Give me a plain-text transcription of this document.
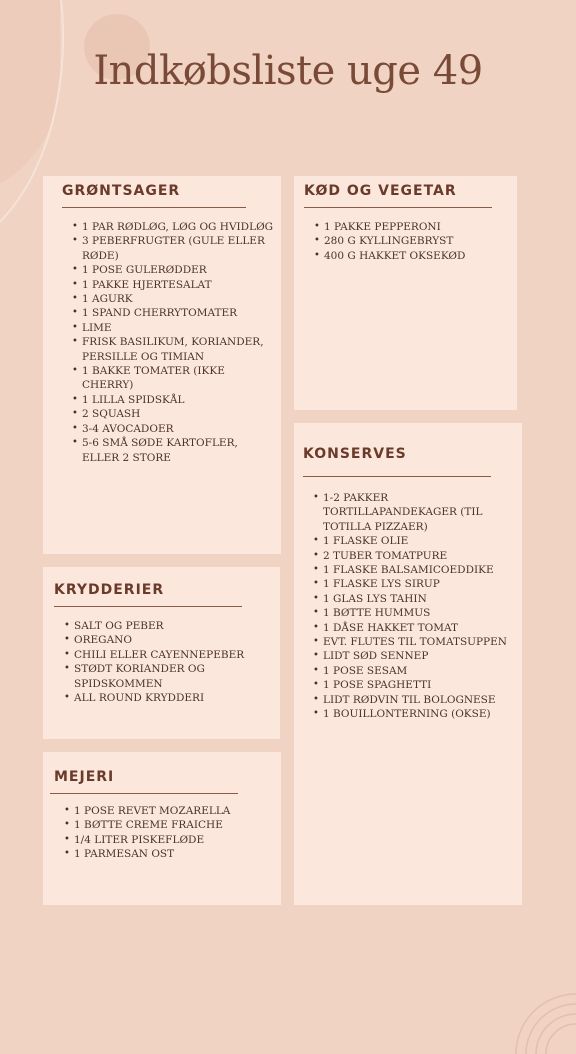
Indkøbsliste uge 49
GRØNTSAGER
• 1 PAR RØDLØG, LØG OG HVIDLØG
• 3 PEBERFRUGTER (GULE ELLER RØDE)
• 1 POSE GULERØDDER
• 1 PAKKE HJERTESALAT
• 1 AGURK
• 1 SPAND CHERRYTOMATER
• LIME
• FRISK BASILIKUM, KORIANDER, PERSILLE OG TIMIAN
• 1 BAKKE TOMATER (IKKE CHERRY)
• 1 LILLA SPIDSKÅL
• 2 SQUASH
• 3-4 AVOCADOER
• 5-6 SMÅ SØDE KARTOFLER, ELLER 2 STORE
KØD OG VEGETAR
• 1 PAKKE PEPPERONI
• 280 G KYLLINGEBRYST
• 400 G HAKKET OKSEKØD
KONSERVES
• 1-2 PAKKER TORTILLAPANDEKAGER (TIL TOTILLA PIZZAER)
• 1 FLASKE OLIE
• 2 TUBER TOMATPURE
• 1 FLASKE BALSAMICOEDDIKE
• 1 FLASKE LYS SIRUP
• 1 GLAS LYS TAHIN
• 1 BØTTE HUMMUS
• 1 DÅSE HAKKET TOMAT
• EVT. FLUTES TIL TOMATSUPPEN
• LIDT SØD SENNEP
• 1 POSE SESAM
• 1 POSE SPAGHETTI
• LIDT RØDVIN TIL BOLOGNESE
• 1 BOUILLONTERNING (OKSE)
KRYDDERIER
• SALT OG PEBER
• OREGANO
• CHILI ELLER CAYENNEPEBER
• STØDT KORIANDER OG SPIDSKOMMEN
• ALL ROUND KRYDDERI
MEJERI
• 1 POSE REVET MOZARELLA
• 1 BØTTE CREME FRAICHE
• 1/4 LITER PISKEFLØDE
• 1 PARMESAN OST
